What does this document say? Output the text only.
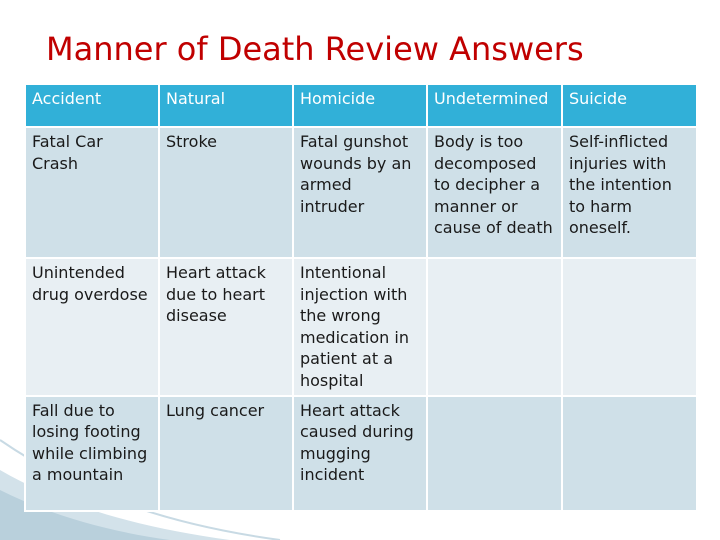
Manner of Death Review Answers
Accident	Natural	Homicide	Undetermined	Suicide
Fatal Car Crash	Stroke	Fatal gunshot wounds by an armed intruder	Body is too decomposed to decipher a manner or cause of death	Self-inflicted injuries with the intention to harm oneself.
Unintended drug overdose	Heart attack due to heart disease	Intentional injection with the wrong medication in patient at a hospital		
Fall due to losing footing while climbing a mountain	Lung cancer	Heart attack caused during mugging incident		
